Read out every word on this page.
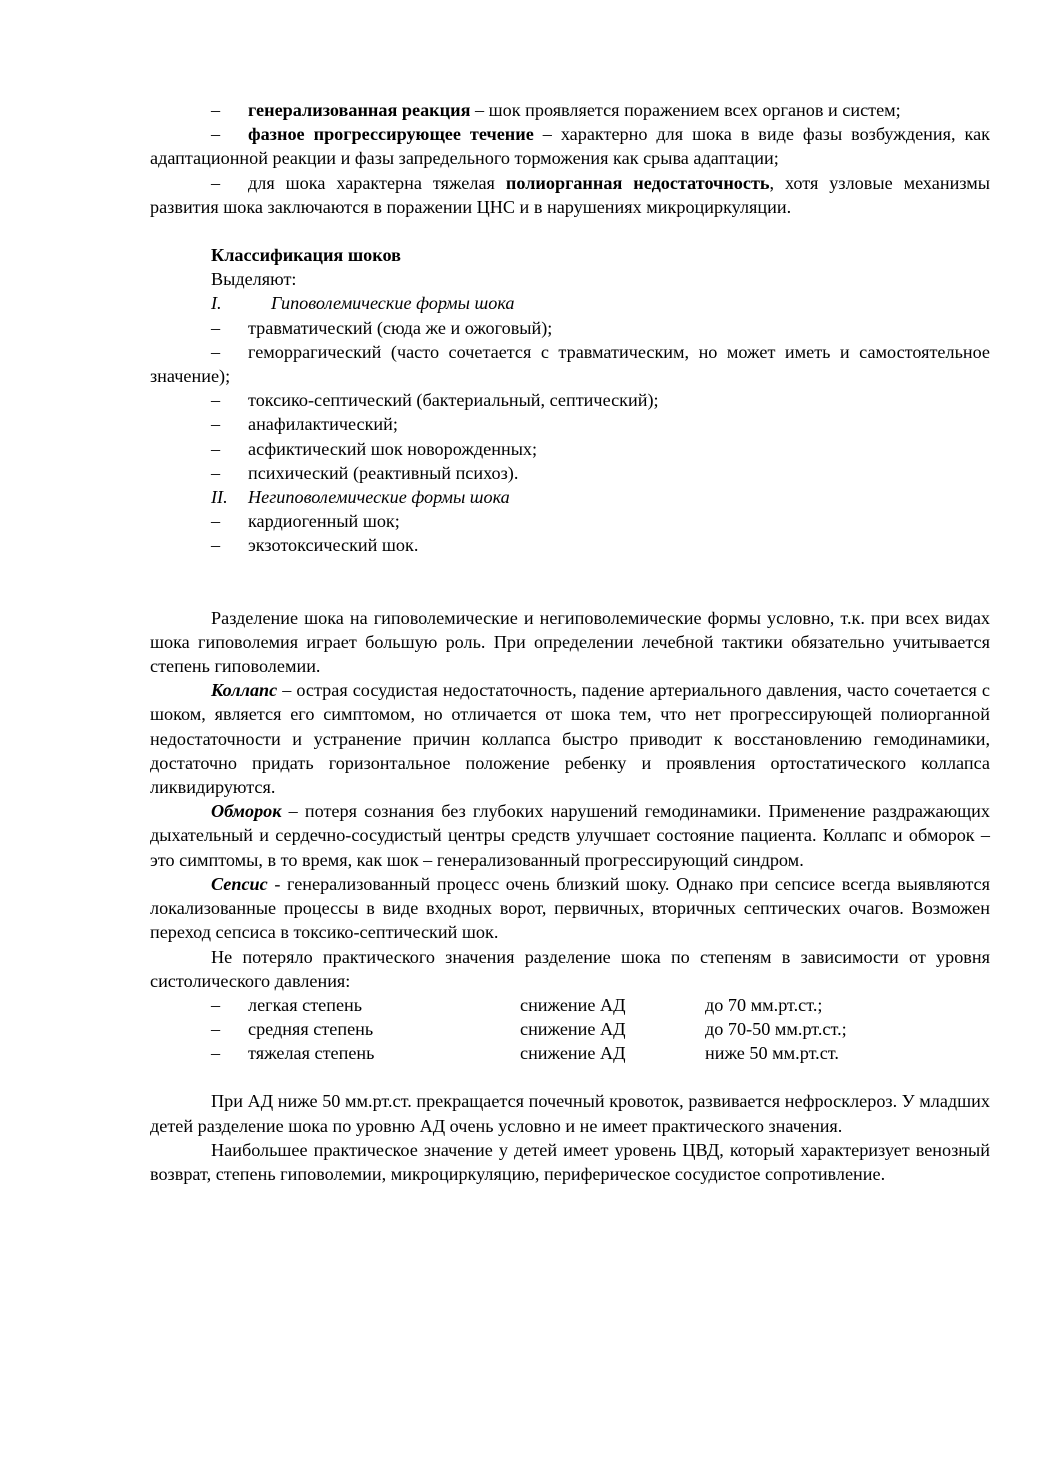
– генерализованная реакция – шок проявляется поражением всех органов и систем;
– фазное прогрессирующее течение – характерно для шока в виде фазы возбуждения, как адаптационной реакции и фазы запредельного торможения как срыва адаптации;
– для шока характерна тяжелая полиорганная недостаточность, хотя узловые механизмы развития шока заключаются в поражении ЦНС и в нарушениях микроциркуляции.
Классификация шоков
Выделяют:
I.	Гиповолемические формы шока
– травматический (сюда же и ожоговый);
– геморрагический (часто сочетается с травматическим, но может иметь и самостоятельное значение);
– токсико-септический (бактериальный, септический);
– анафилактический;
– асфиктический шок новорожденных;
– психический (реактивный психоз).
II. Негиповолемические формы шока
– кардиогенный шок;
– экзотоксический шок.
Разделение шока на гиповолемические и негиповолемические формы условно, т.к. при всех видах шока гиповолемия играет большую роль. При определении лечебной тактики обязательно учитывается степень гиповолемии.
Коллапс – острая сосудистая недостаточность, падение артериального давления, часто сочетается с шоком, является его симптомом, но отличается от шока тем, что нет прогрессирующей полиорганной недостаточности и устранение причин коллапса быстро приводит к восстановлению гемодинамики, достаточно придать горизонтальное положение ребенку и проявления ортостатического коллапса ликвидируются.
Обморок – потеря сознания без глубоких нарушений гемодинамики. Применение раздражающих дыхательный и сердечно-сосудистый центры средств улучшает состояние пациента. Коллапс и обморок – это симптомы, в то время, как шок – генерализованный прогрессирующий синдром.
Сепсис - генерализованный процесс очень близкий шоку. Однако при сепсисе всегда выявляются локализованные процессы в виде входных ворот, первичных, вторичных септических очагов. Возможен переход сепсиса в токсико-септический шок.
Не потеряло практического значения разделение шока по степеням в зависимости от уровня систолического давления:
– легкая степень	снижение АД	до 70 мм.рт.ст.;
– средняя степень	снижение АД	до 70-50 мм.рт.ст.;
– тяжелая степень	снижение АД	ниже 50 мм.рт.ст.
При АД ниже 50 мм.рт.ст. прекращается почечный кровоток, развивается нефросклероз. У младших детей разделение шока по уровню АД очень условно и не имеет практического значения.
Наибольшее практическое значение у детей имеет уровень ЦВД, который характеризует венозный возврат, степень гиповолемии, микроциркуляцию, периферическое сосудистое сопротивление.
